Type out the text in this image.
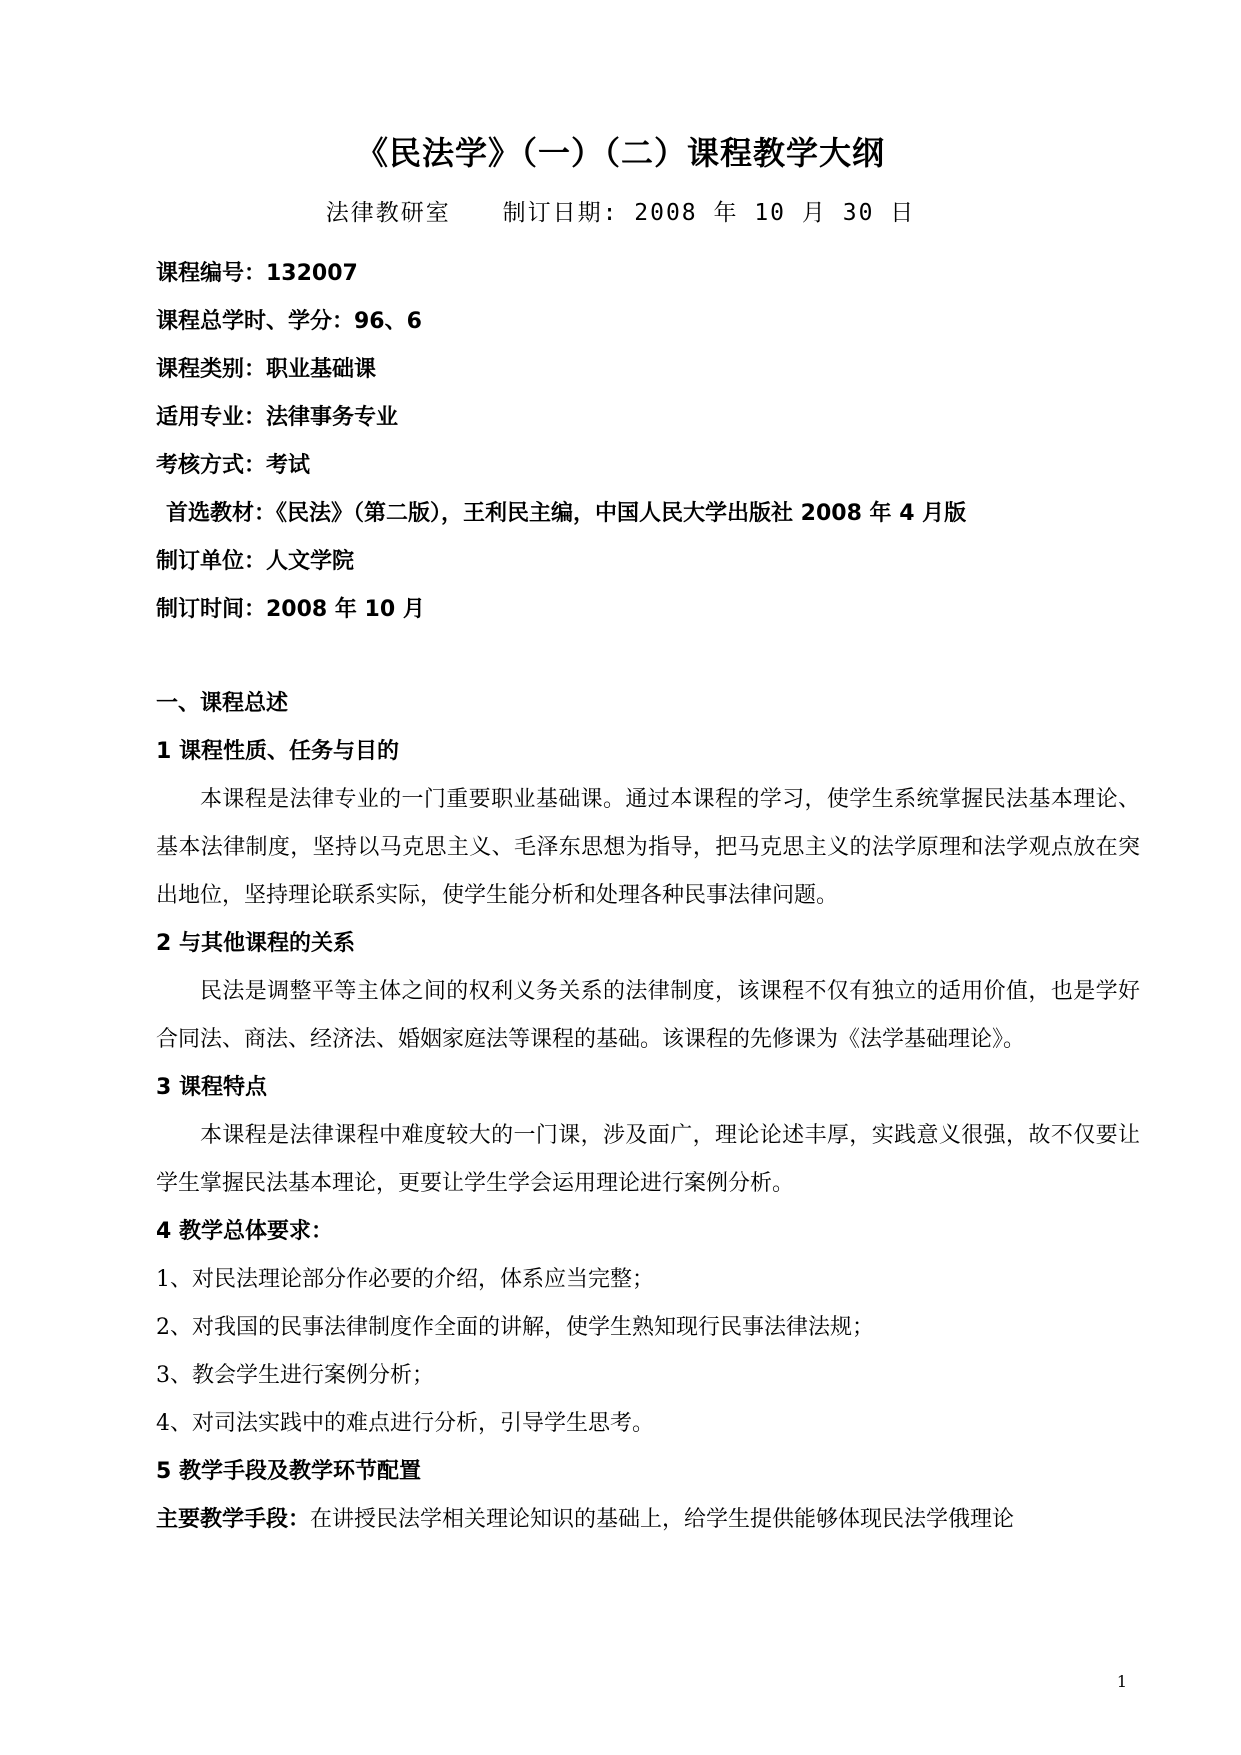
《民法学》（一）（二）课程教学大纲
法律教研室 制订日期: 2008 年 10 月 30 日
课程编号：132007
课程总学时、学分：96、6
课程类别：职业基础课
适用专业：法律事务专业
考核方式：考试
首选教材：《民法》（第二版），王利民主编，中国人民大学出版社 2008 年 4 月版
制订单位：人文学院
制订时间：2008 年 10 月
一、课程总述
1 课程性质、任务与目的
本课程是法律专业的一门重要职业基础课。通过本课程的学习，使学生系统掌握民法基本理论、基本法律制度，坚持以马克思主义、毛泽东思想为指导，把马克思主义的法学原理和法学观点放在突出地位，坚持理论联系实际，使学生能分析和处理各种民事法律问题。
2 与其他课程的关系
民法是调整平等主体之间的权利义务关系的法律制度，该课程不仅有独立的适用价值，也是学好合同法、商法、经济法、婚姻家庭法等课程的基础。该课程的先修课为《法学基础理论》。
3 课程特点
本课程是法律课程中难度较大的一门课，涉及面广，理论论述丰厚，实践意义很强，故不仅要让学生掌握民法基本理论，更要让学生学会运用理论进行案例分析。
4 教学总体要求：
1、对民法理论部分作必要的介绍，体系应当完整；
2、对我国的民事法律制度作全面的讲解，使学生熟知现行民事法律法规；
3、教会学生进行案例分析；
4、对司法实践中的难点进行分析，引导学生思考。
5 教学手段及教学环节配置
主要教学手段：在讲授民法学相关理论知识的基础上，给学生提供能够体现民法学俄理论
1
